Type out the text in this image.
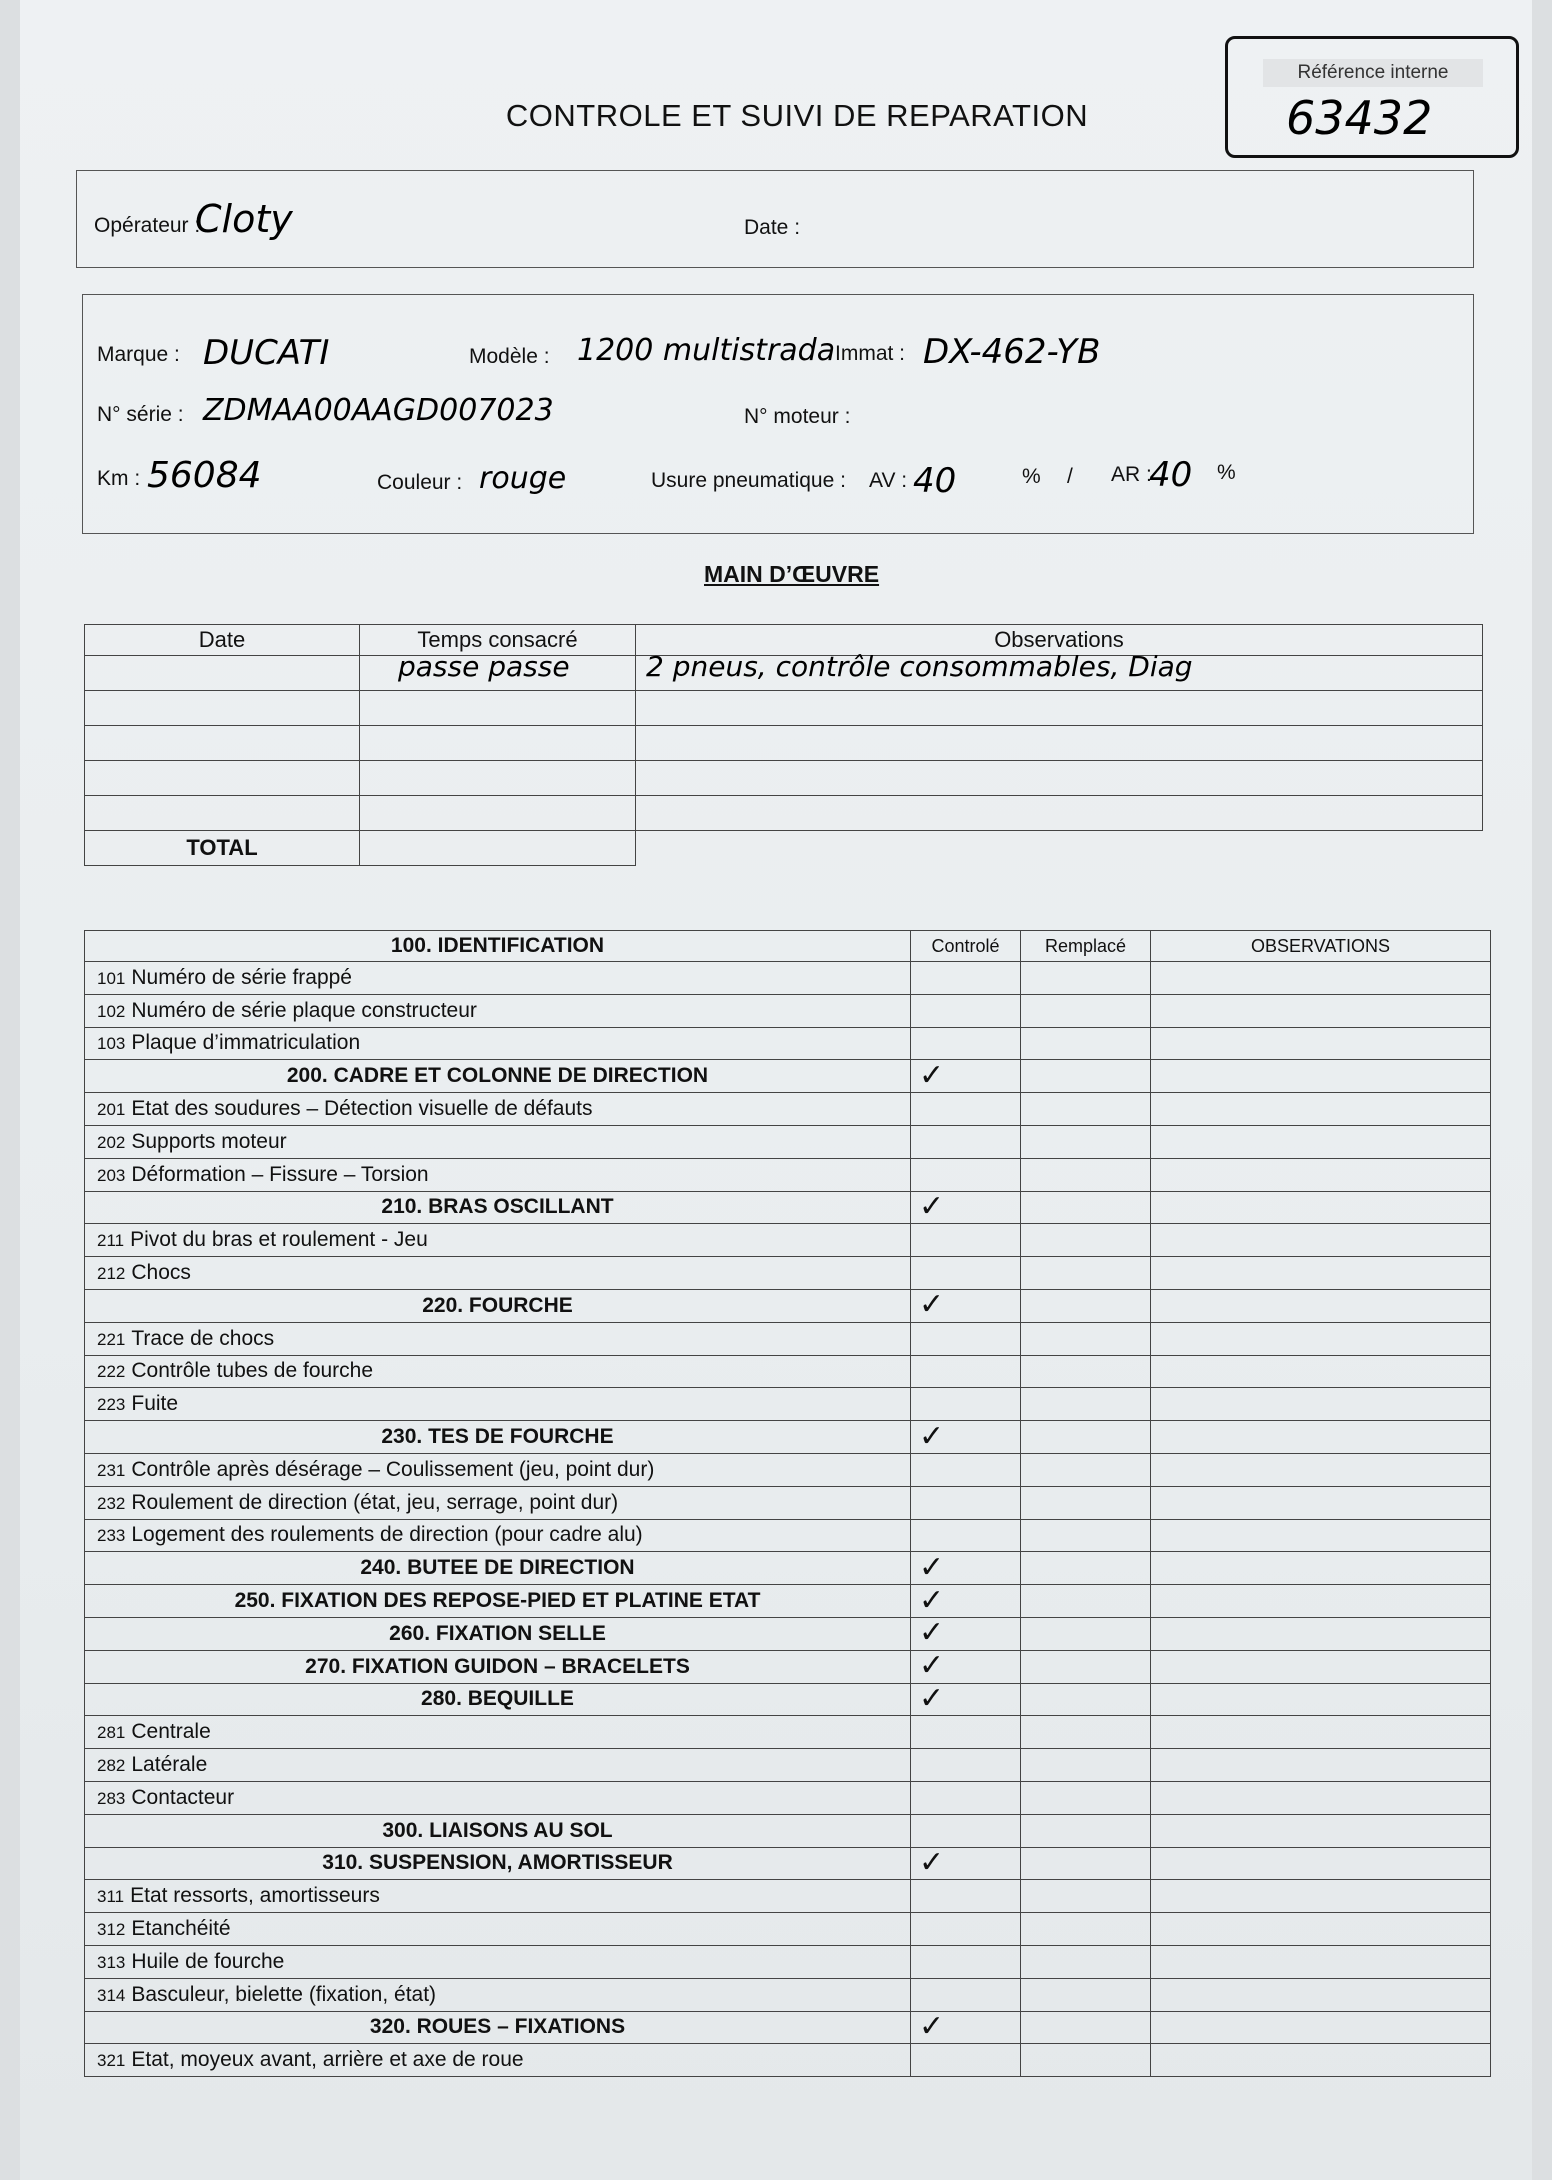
Référence interne
63432
CONTROLE ET SUIVI DE REPARATION
Opérateur :
Cloty	Date :
Marque : DUCATI	Modèle : 1200 multistrada Immat : DX-462-YB
N° série : ZDMAA00AAGD007023	N° moteur :
Km : 56084	Couleur : rouge	Usure pneumatique : AV : 40	% / AR :
40 %
MAIN D’ŒUVRE
Date	Temps consacré	Observations

	passe passe	2 pneus, contrôle consommables, Diag

TOTAL		
100. IDENTIFICATION	Controlé	Remplacé	OBSERVATIONS
101 Numéro de série frappé			
102 Numéro de série plaque constructeur			
103 Plaque d’immatriculation			
200. CADRE ET COLONNE DE DIRECTION	✓		
201 Etat des soudures – Détection visuelle de défauts			
202 Supports moteur			
203 Déformation – Fissure – Torsion			
210. BRAS OSCILLANT	✓		
211 Pivot du bras et roulement - Jeu			
212 Chocs			
220. FOURCHE	✓		
221 Trace de chocs			
222 Contrôle tubes de fourche			
223 Fuite			
230. TES DE FOURCHE	✓		
231 Contrôle après désérage – Coulissement (jeu, point dur)			
232 Roulement de direction (état, jeu, serrage, point dur)			
233 Logement des roulements de direction (pour cadre alu)			
240. BUTEE DE DIRECTION	✓		
250. FIXATION DES REPOSE-PIED ET PLATINE ETAT	✓		
260. FIXATION SELLE	✓		
270. FIXATION GUIDON – BRACELETS	✓		
280. BEQUILLE	✓		
281 Centrale			
282 Latérale			
283 Contacteur			
300. LIAISONS AU SOL			
310. SUSPENSION, AMORTISSEUR	✓		
311 Etat ressorts, amortisseurs			
312 Etanchéité			
313 Huile de fourche			
314 Basculeur, bielette (fixation, état)			
320. ROUES – FIXATIONS	✓		
321 Etat, moyeux avant, arrière et axe de roue			
